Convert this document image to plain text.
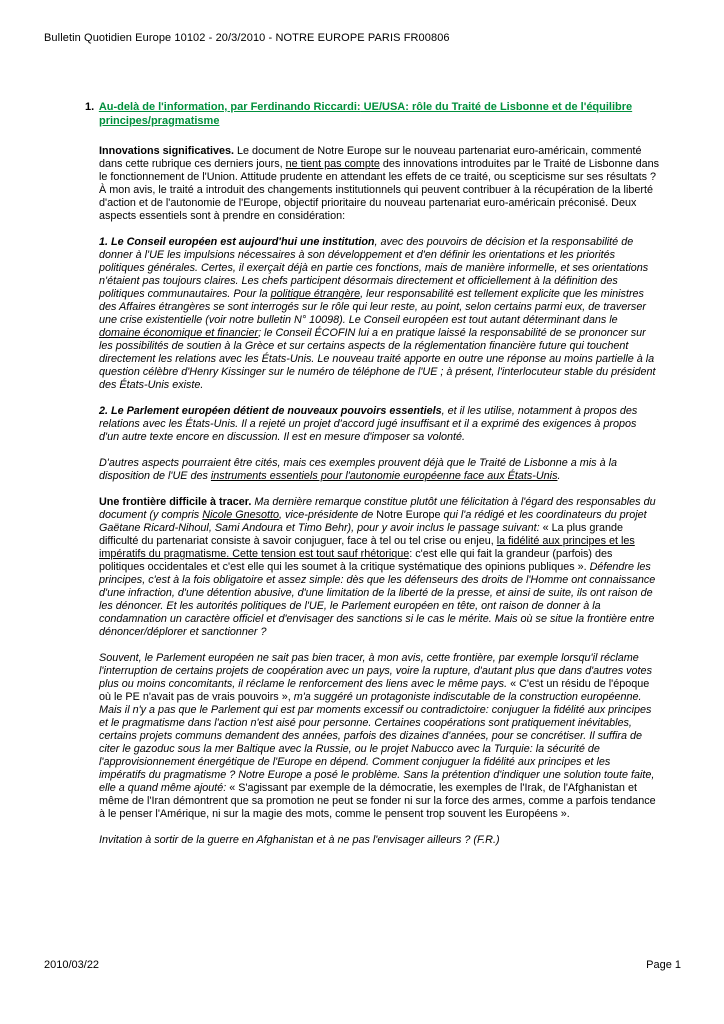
Bulletin Quotidien Europe 10102 - 20/3/2010 - NOTRE EUROPE PARIS FR00806
1. Au-delà de l'information, par Ferdinando Riccardi: UE/USA: rôle du Traité de Lisbonne et de l'équilibre principes/pragmatisme

Innovations significatives. Le document de Notre Europe sur le nouveau partenariat euro-américain, commenté dans cette rubrique ces derniers jours, ne tient pas compte des innovations introduites par le Traité de Lisbonne dans le fonctionnement de l'Union. Attitude prudente en attendant les effets de ce traité, ou scepticisme sur ses résultats ? À mon avis, le traité a introduit des changements institutionnels qui peuvent contribuer à la récupération de la liberté d'action et de l'autonomie de l'Europe, objectif prioritaire du nouveau partenariat euro-américain préconisé. Deux aspects essentiels sont à prendre en considération:

1. Le Conseil européen est aujourd'hui une institution, avec des pouvoirs de décision et la responsabilité de donner à l'UE les impulsions nécessaires à son développement et d'en définir les orientations et les priorités politiques générales. Certes, il exerçait déjà en partie ces fonctions, mais de manière informelle, et ses orientations n'étaient pas toujours claires. Les chefs participent désormais directement et officiellement à la définition des politiques communautaires. Pour la politique étrangère, leur responsabilité est tellement explicite que les ministres des Affaires étrangères se sont interrogés sur le rôle qui leur reste, au point, selon certains parmi eux, de traverser une crise existentielle (voir notre bulletin N° 10098). Le Conseil européen est tout autant déterminant dans le domaine économique et financier; le Conseil ÉCOFIN lui a en pratique laissé la responsabilité de se prononcer sur les possibilités de soutien à la Grèce et sur certains aspects de la réglementation financière future qui touchent directement les relations avec les États-Unis. Le nouveau traité apporte en outre une réponse au moins partielle à la question célèbre d'Henry Kissinger sur le numéro de téléphone de l'UE ; à présent, l'interlocuteur stable du président des États-Unis existe.

2. Le Parlement européen détient de nouveaux pouvoirs essentiels, et il les utilise, notamment à propos des relations avec les États-Unis. Il a rejeté un projet d'accord jugé insuffisant et il a exprimé des exigences à propos d'un autre texte encore en discussion. Il est en mesure d'imposer sa volonté.

D'autres aspects pourraient être cités, mais ces exemples prouvent déjà que le Traité de Lisbonne a mis à la disposition de l'UE des instruments essentiels pour l'autonomie européenne face aux États-Unis.

Une frontière difficile à tracer. Ma dernière remarque constitue plutôt une félicitation à l'égard des responsables du document (y compris Nicole Gnesotto, vice-présidente de Notre Europe qui l'a rédigé et les coordinateurs du projet Gaëtane Ricard-Nihoul, Sami Andoura et Timo Behr), pour y avoir inclus le passage suivant: « La plus grande difficulté du partenariat consiste à savoir conjuguer, face à tel ou tel crise ou enjeu, la fidélité aux principes et les impératifs du pragmatisme. Cette tension est tout sauf rhétorique: c'est elle qui fait la grandeur (parfois) des politiques occidentales et c'est elle qui les soumet à la critique systématique des opinions publiques ». Défendre les principes, c'est à la fois obligatoire et assez simple: dès que les défenseurs des droits de l'Homme ont connaissance d'une infraction, d'une détention abusive, d'une limitation de la liberté de la presse, et ainsi de suite, ils ont raison de les dénoncer. Et les autorités politiques de l'UE, le Parlement européen en tête, ont raison de donner à la condamnation un caractère officiel et d'envisager des sanctions si le cas le mérite. Mais où se situe la frontière entre dénoncer/déplorer et sanctionner ?

Souvent, le Parlement européen ne sait pas bien tracer, à mon avis, cette frontière, par exemple lorsqu'il réclame l'interruption de certains projets de coopération avec un pays, voire la rupture, d'autant plus que dans d'autres votes plus ou moins concomitants, il réclame le renforcement des liens avec le même pays. « C'est un résidu de l'époque où le PE n'avait pas de vrais pouvoirs », m'a suggéré un protagoniste indiscutable de la construction européenne. Mais il n'y a pas que le Parlement qui est par moments excessif ou contradictoire: conjuguer la fidélité aux principes et le pragmatisme dans l'action n'est aisé pour personne. Certaines coopérations sont pratiquement inévitables, certains projets communs demandent des années, parfois des dizaines d'années, pour se concrétiser. Il suffira de citer le gazoduc sous la mer Baltique avec la Russie, ou le projet Nabucco avec la Turquie: la sécurité de l'approvisionnement énergétique de l'Europe en dépend. Comment conjuguer la fidélité aux principes et les impératifs du pragmatisme ? Notre Europe a posé le problème. Sans la prétention d'indiquer une solution toute faite, elle a quand même ajouté: « S'agissant par exemple de la démocratie, les exemples de l'Irak, de l'Afghanistan et même de l'Iran démontrent que sa promotion ne peut se fonder ni sur la force des armes, comme a parfois tendance à le penser l'Amérique, ni sur la magie des mots, comme le pensent trop souvent les Européens ».

Invitation à sortir de la guerre en Afghanistan et à ne pas l'envisager ailleurs ? (F.R.)

2010/03/22	Page 1
